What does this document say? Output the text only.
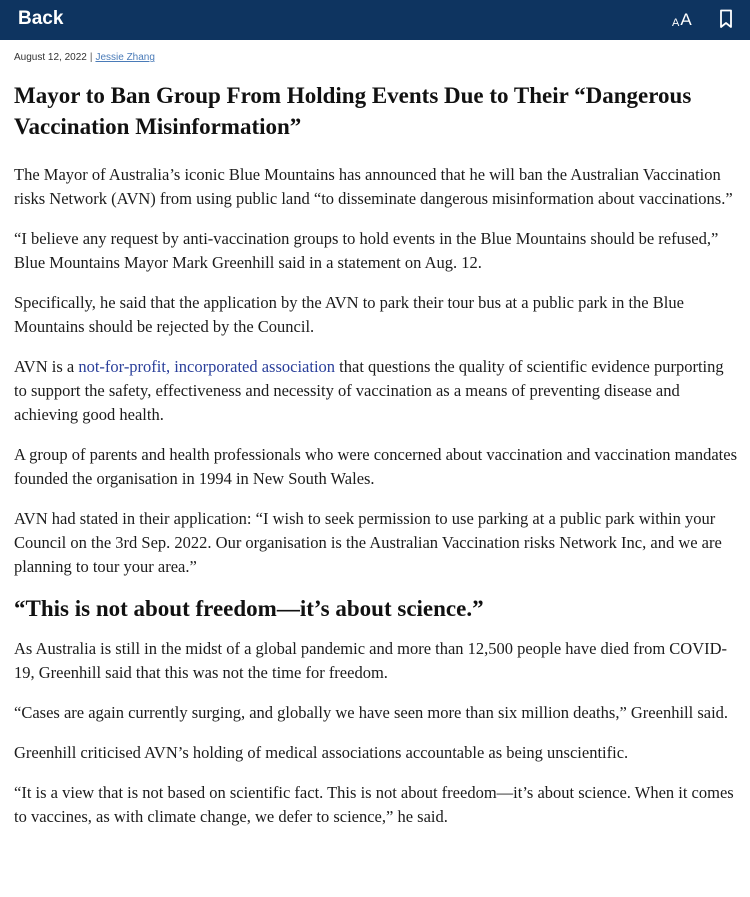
Back	A A
August 12, 2022 | Jessie Zhang
Mayor to Ban Group From Holding Events Due to Their “Dangerous Vaccination Misinformation”

The Mayor of Australia’s iconic Blue Mountains has announced that he will ban the Australian Vaccination risks Network (AVN) from using public land “to disseminate dangerous misinformation about vaccinations.”

“I believe any request by anti-vaccination groups to hold events in the Blue Mountains should be refused,” Blue Mountains Mayor Mark Greenhill said in a statement on Aug. 12.

Specifically, he said that the application by the AVN to park their tour bus at a public park in the Blue Mountains should be rejected by the Council.

AVN is a not-for-profit, incorporated association that questions the quality of scientific evidence purporting to support the safety, effectiveness and necessity of vaccination as a means of preventing disease and achieving good health.

A group of parents and health professionals who were concerned about vaccination and vaccination mandates founded the organisation in 1994 in New South Wales.

AVN had stated in their application: “I wish to seek permission to use parking at a public park within your Council on the 3rd Sep. 2022. Our organisation is the Australian Vaccination risks Network Inc, and we are planning to tour your area.”

“This is not about freedom—it’s about science.”

As Australia is still in the midst of a global pandemic and more than 12,500 people have died from COVID-19, Greenhill said that this was not the time for freedom.

“Cases are again currently surging, and globally we have seen more than six million deaths,” Greenhill said.

Greenhill criticised AVN’s holding of medical associations accountable as being unscientific.

“It is a view that is not based on scientific fact. This is not about freedom—it’s about science. When it comes to vaccines, as with climate change, we defer to science,” he said.
